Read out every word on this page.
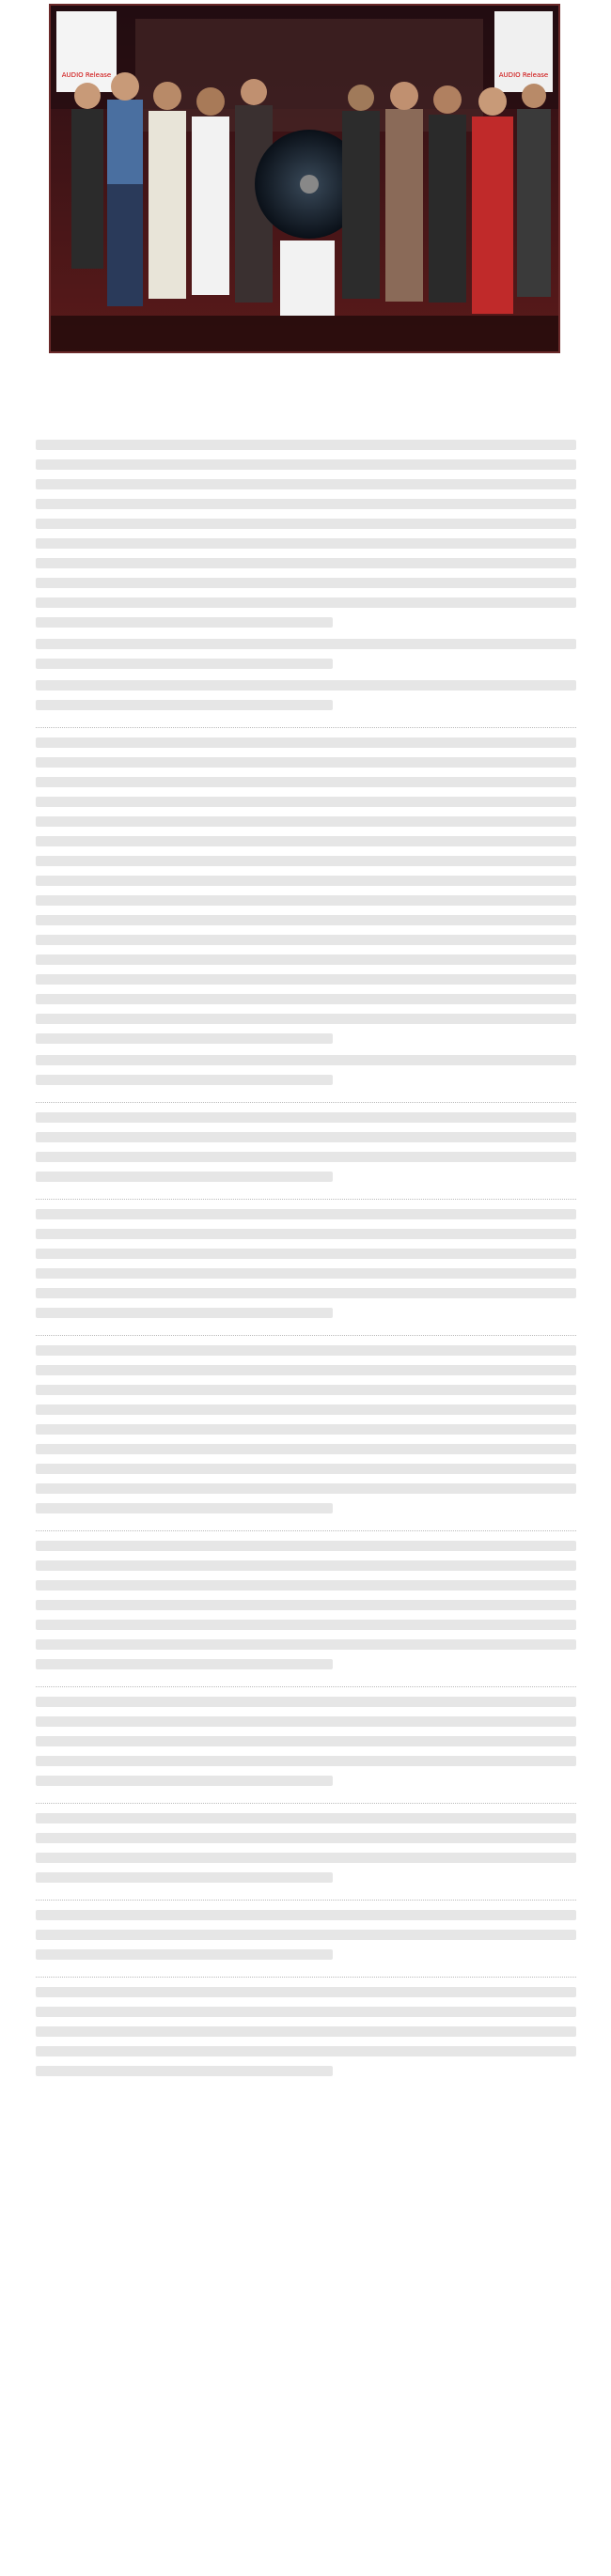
AUDIO Release	AUDIO Release
